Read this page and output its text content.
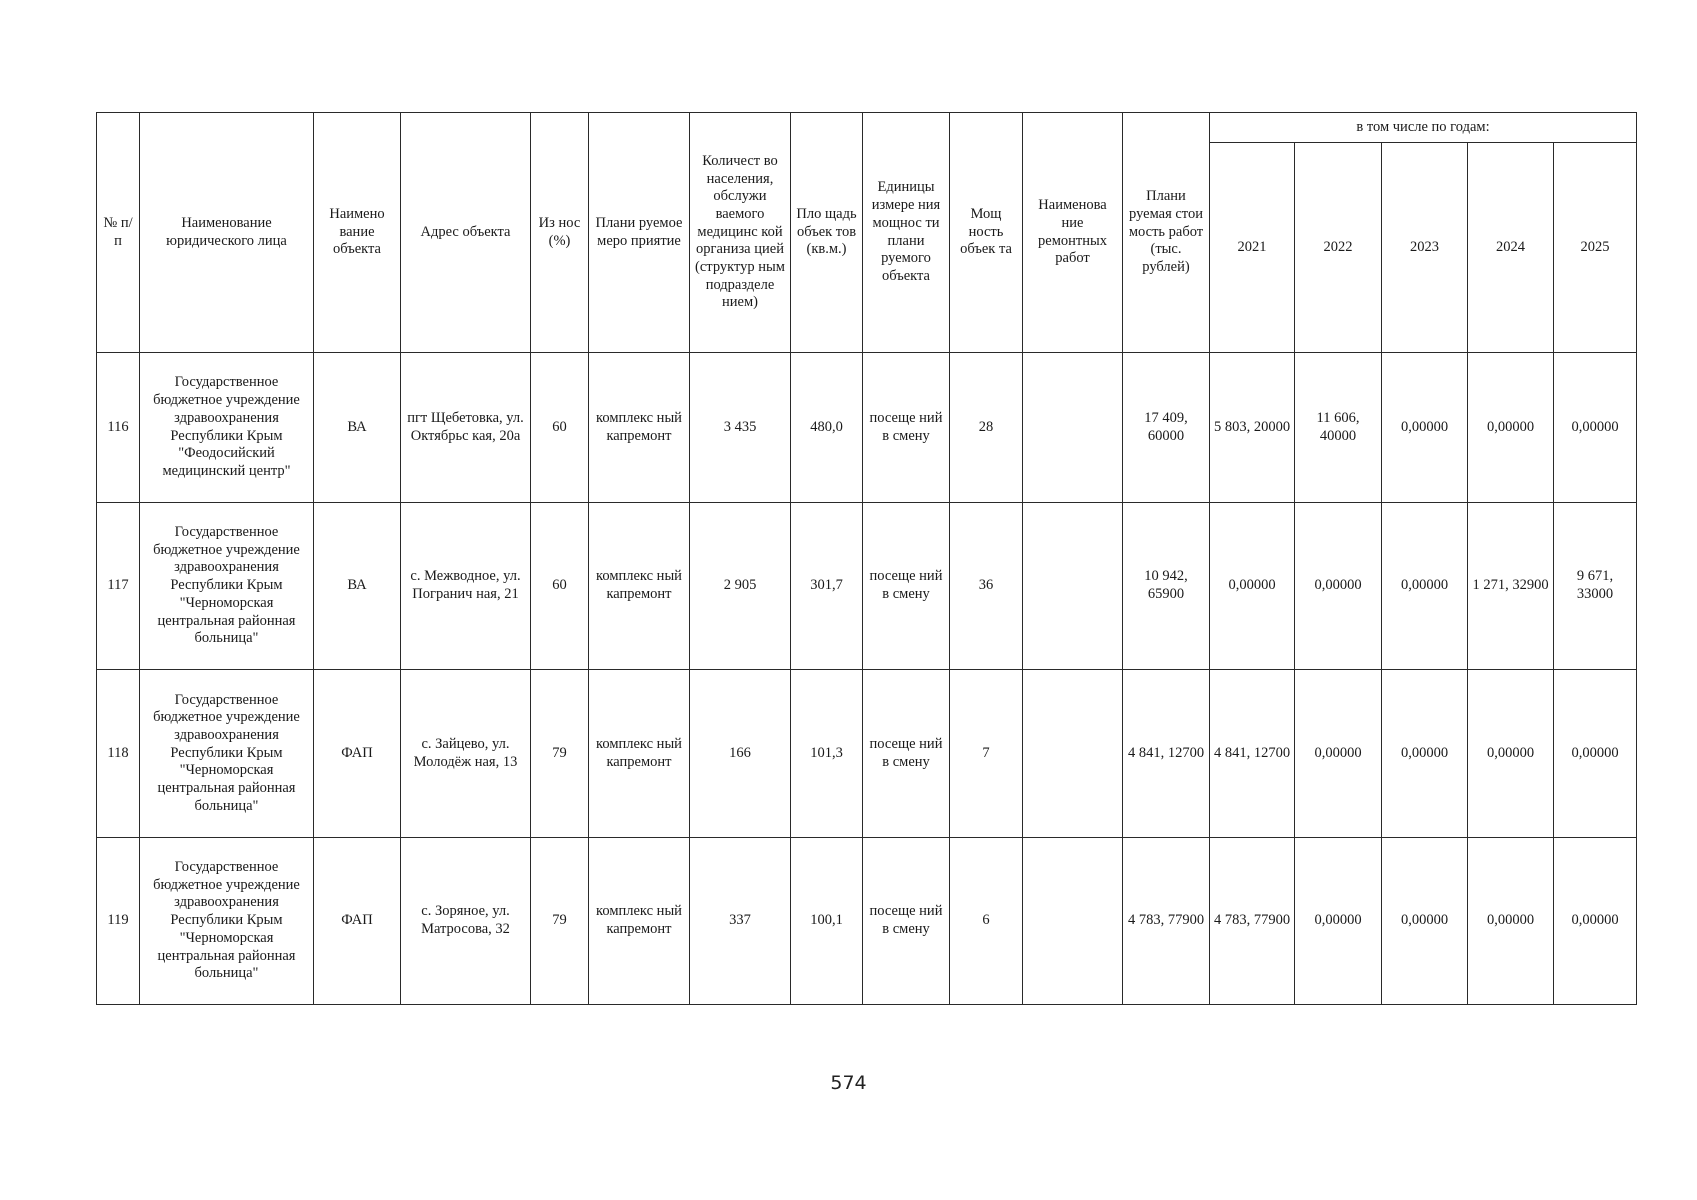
№ п/п	Наименование юридического лица	Наимено вание объекта	Адрес объекта	Из нос (%)	Плани руемое меро приятие	Количест во населения, обслужи ваемого медицинс кой организа цией (структур ным подразделе нием)	Пло щадь объек тов (кв.м.)	Единицы измере ния мощнос ти плани руемого объекта	Мощ ность объек та	Наименова ние ремонтных работ	Плани руемая стои мость работ (тыс. рублей)	в том числе по годам:				
												2021	2022	2023	2024	2025
116	Государственное бюджетное учреждение здравоохранения Республики Крым "Феодосийский медицинский центр"	ВА	пгт Щебетовка, ул. Октябрьс кая, 20а	60	комплекс ный капремонт	3 435	480,0	посеще ний в смену	28		17 409, 60000	5 803, 20000	11 606, 40000	0,00000	0,00000	0,00000
117	Государственное бюджетное учреждение здравоохранения Республики Крым "Черноморская центральная районная больница"	ВА	с. Межводное, ул. Погранич ная, 21	60	комплекс ный капремонт	2 905	301,7	посеще ний в смену	36		10 942, 65900	0,00000	0,00000	0,00000	1 271, 32900	9 671, 33000
118	Государственное бюджетное учреждение здравоохранения Республики Крым "Черноморская центральная районная больница"	ФАП	с. Зайцево, ул. Молодёж ная, 13	79	комплекс ный капремонт	166	101,3	посеще ний в смену	7		4 841, 12700	4 841, 12700	0,00000	0,00000	0,00000	0,00000
119	Государственное бюджетное учреждение здравоохранения Республики Крым "Черноморская центральная районная больница"	ФАП	с. Зоряное, ул. Матросова, 32	79	комплекс ный капремонт	337	100,1	посеще ний в смену	6		4 783, 77900	4 783, 77900	0,00000	0,00000	0,00000	0,00000
574
